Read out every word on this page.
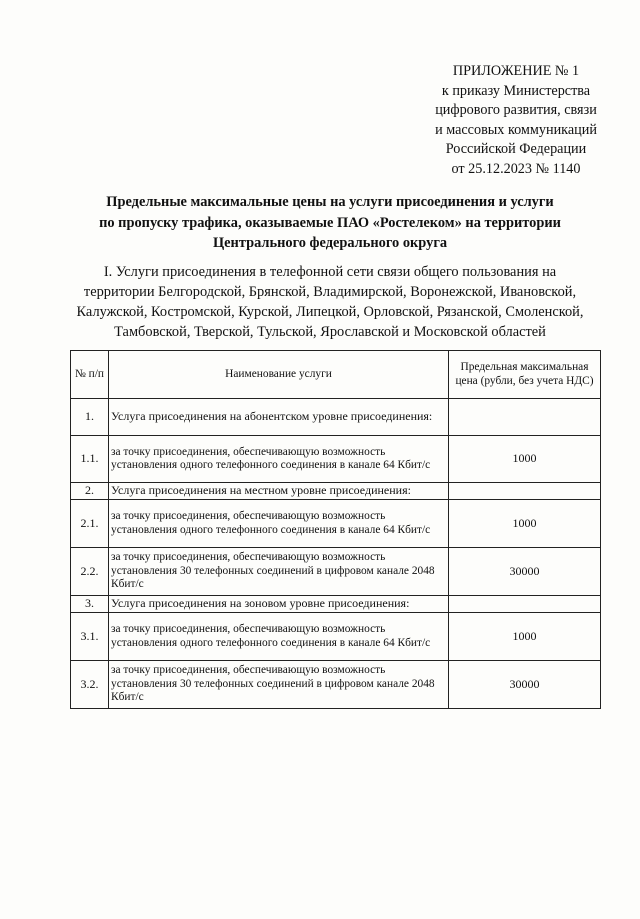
ПРИЛОЖЕНИЕ № 1
к приказу Министерства
цифрового развития, связи
и массовых коммуникаций
Российской Федерации
от 25.12.2023 № 1140
Предельные максимальные цены на услуги присоединения и услуги
по пропуску трафика, оказываемые ПАО «Ростелеком» на территории
Центрального федерального округа
I. Услуги присоединения в телефонной сети связи общего пользования на
территории Белгородской, Брянской, Владимирской, Воронежской, Ивановской,
Калужской, Костромской, Курской, Липецкой, Орловской, Рязанской, Смоленской,
Тамбовской, Тверской, Тульской, Ярославской и Московской областей
№ п/п	Наименование услуги	Предельная максимальная цена (рубли, без учета НДС)
1.	Услуга присоединения на абонентском уровне присоединения:	
1.1.	за точку присоединения, обеспечивающую возможность установления одного телефонного соединения в канале 64 Кбит/с	1000
2.	Услуга присоединения на местном уровне присоединения:	
2.1.	за точку присоединения, обеспечивающую возможность установления одного телефонного соединения в канале 64 Кбит/с	1000
2.2.	за точку присоединения, обеспечивающую возможность установления 30 телефонных соединений в цифровом канале 2048 Кбит/с	30000
3.	Услуга присоединения на зоновом уровне присоединения:	
3.1.	за точку присоединения, обеспечивающую возможность установления одного телефонного соединения в канале 64 Кбит/с	1000
3.2.	за точку присоединения, обеспечивающую возможность установления 30 телефонных соединений в цифровом канале 2048 Кбит/с	30000
